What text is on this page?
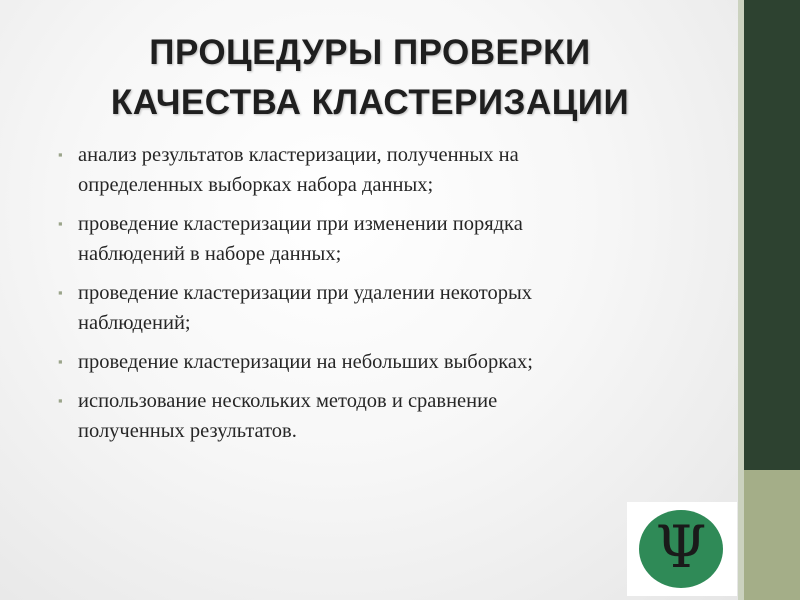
ПРОЦЕДУРЫ ПРОВЕРКИ
КАЧЕСТВА КЛАСТЕРИЗАЦИИ
▪ анализ результатов кластеризации, полученных на
определенных выборках набора данных;
▪ проведение кластеризации при изменении порядка
наблюдений в наборе данных;
▪ проведение кластеризации при удалении некоторых
наблюдений;
▪ проведение кластеризации на небольших выборках;
▪ использование нескольких методов и сравнение
полученных результатов.
Ψ
